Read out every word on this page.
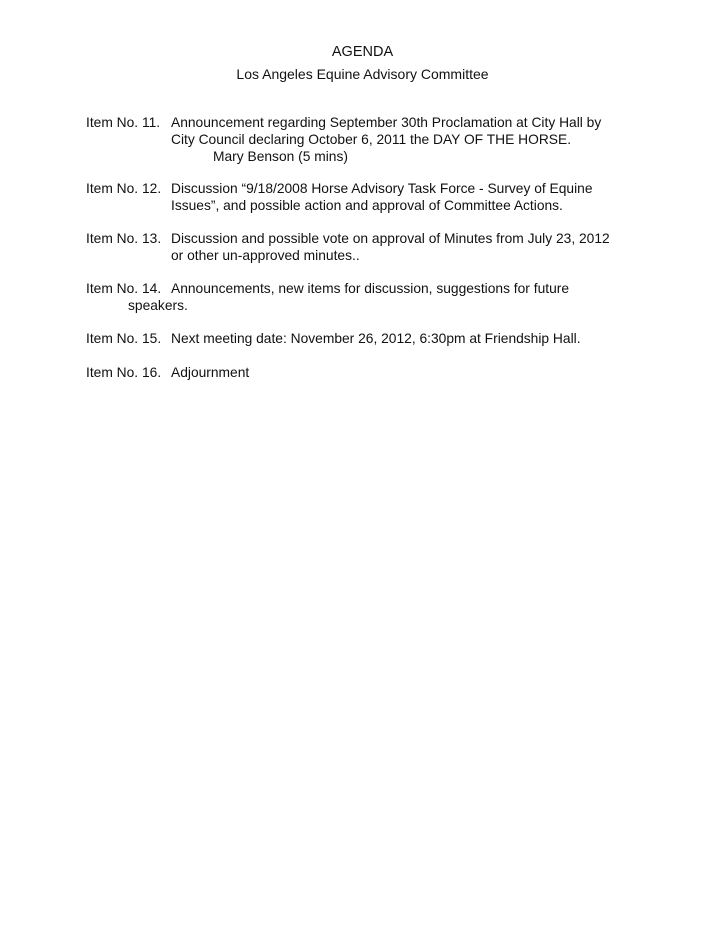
AGENDA
Los Angeles Equine Advisory Committee
Item No. 11. Announcement regarding September 30th Proclamation at City Hall by
City Council declaring October 6, 2011 the DAY OF THE HORSE.
Mary Benson (5 mins)
Item No. 12. Discussion “9/18/2008 Horse Advisory Task Force - Survey of Equine
Issues”, and possible action and approval of Committee Actions.
Item No. 13. Discussion and possible vote on approval of Minutes from July 23, 2012
or other un-approved minutes..
Item No. 14. Announcements, new items for discussion, suggestions for future
speakers.
Item No. 15. Next meeting date: November 26, 2012, 6:30pm at Friendship Hall.
Item No. 16. Adjournment
